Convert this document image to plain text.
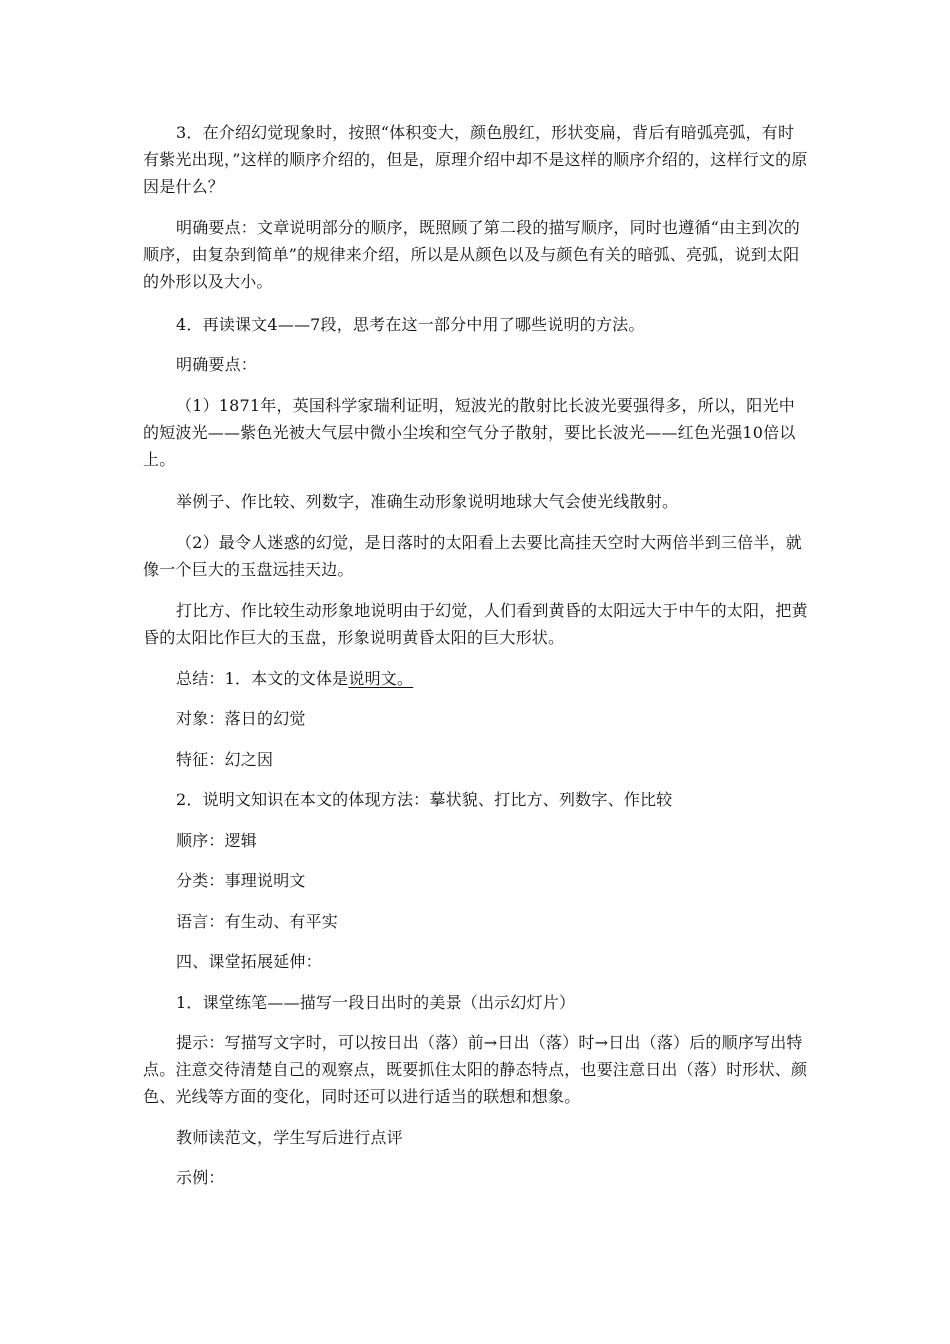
3．在介绍幻觉现象时，按照“体积变大，颜色殷红，形状变扁，背后有暗弧亮弧，有时有紫光出现，”这样的顺序介绍的，但是，原理介绍中却不是这样的顺序介绍的，这样行文的原因是什么？

明确要点：文章说明部分的顺序，既照顾了第二段的描写顺序，同时也遵循“由主到次的顺序，由复杂到简单”的规律来介绍，所以是从颜色以及与颜色有关的暗弧、亮弧，说到太阳的外形以及大小。

4．再读课文4——7段，思考在这一部分中用了哪些说明的方法。

明确要点：

（1）1871年，英国科学家瑞利证明，短波光的散射比长波光要强得多，所以，阳光中的短波光——紫色光被大气层中微小尘埃和空气分子散射，要比长波光——红色光强10倍以上。

举例子、作比较、列数字，准确生动形象说明地球大气会使光线散射。

（2）最令人迷惑的幻觉，是日落时的太阳看上去要比高挂天空时大两倍半到三倍半，就像一个巨大的玉盘远挂天边。

打比方、作比较生动形象地说明由于幻觉，人们看到黄昏的太阳远大于中午的太阳，把黄昏的太阳比作巨大的玉盘，形象说明黄昏太阳的巨大形状。

总结：1．本文的文体是说明文。

对象：落日的幻觉

特征：幻之因

2．说明文知识在本文的体现方法：摹状貌、打比方、列数字、作比较

顺序：逻辑

分类：事理说明文

语言：有生动、有平实

四、课堂拓展延伸：

1．课堂练笔——描写一段日出时的美景（出示幻灯片）

提示：写描写文字时，可以按日出（落）前→日出（落）时→日出（落）后的顺序写出特点。注意交待清楚自己的观察点，既要抓住太阳的静态特点，也要注意日出（落）时形状、颜色、光线等方面的变化，同时还可以进行适当的联想和想象。

教师读范文，学生写后进行点评

示例：
